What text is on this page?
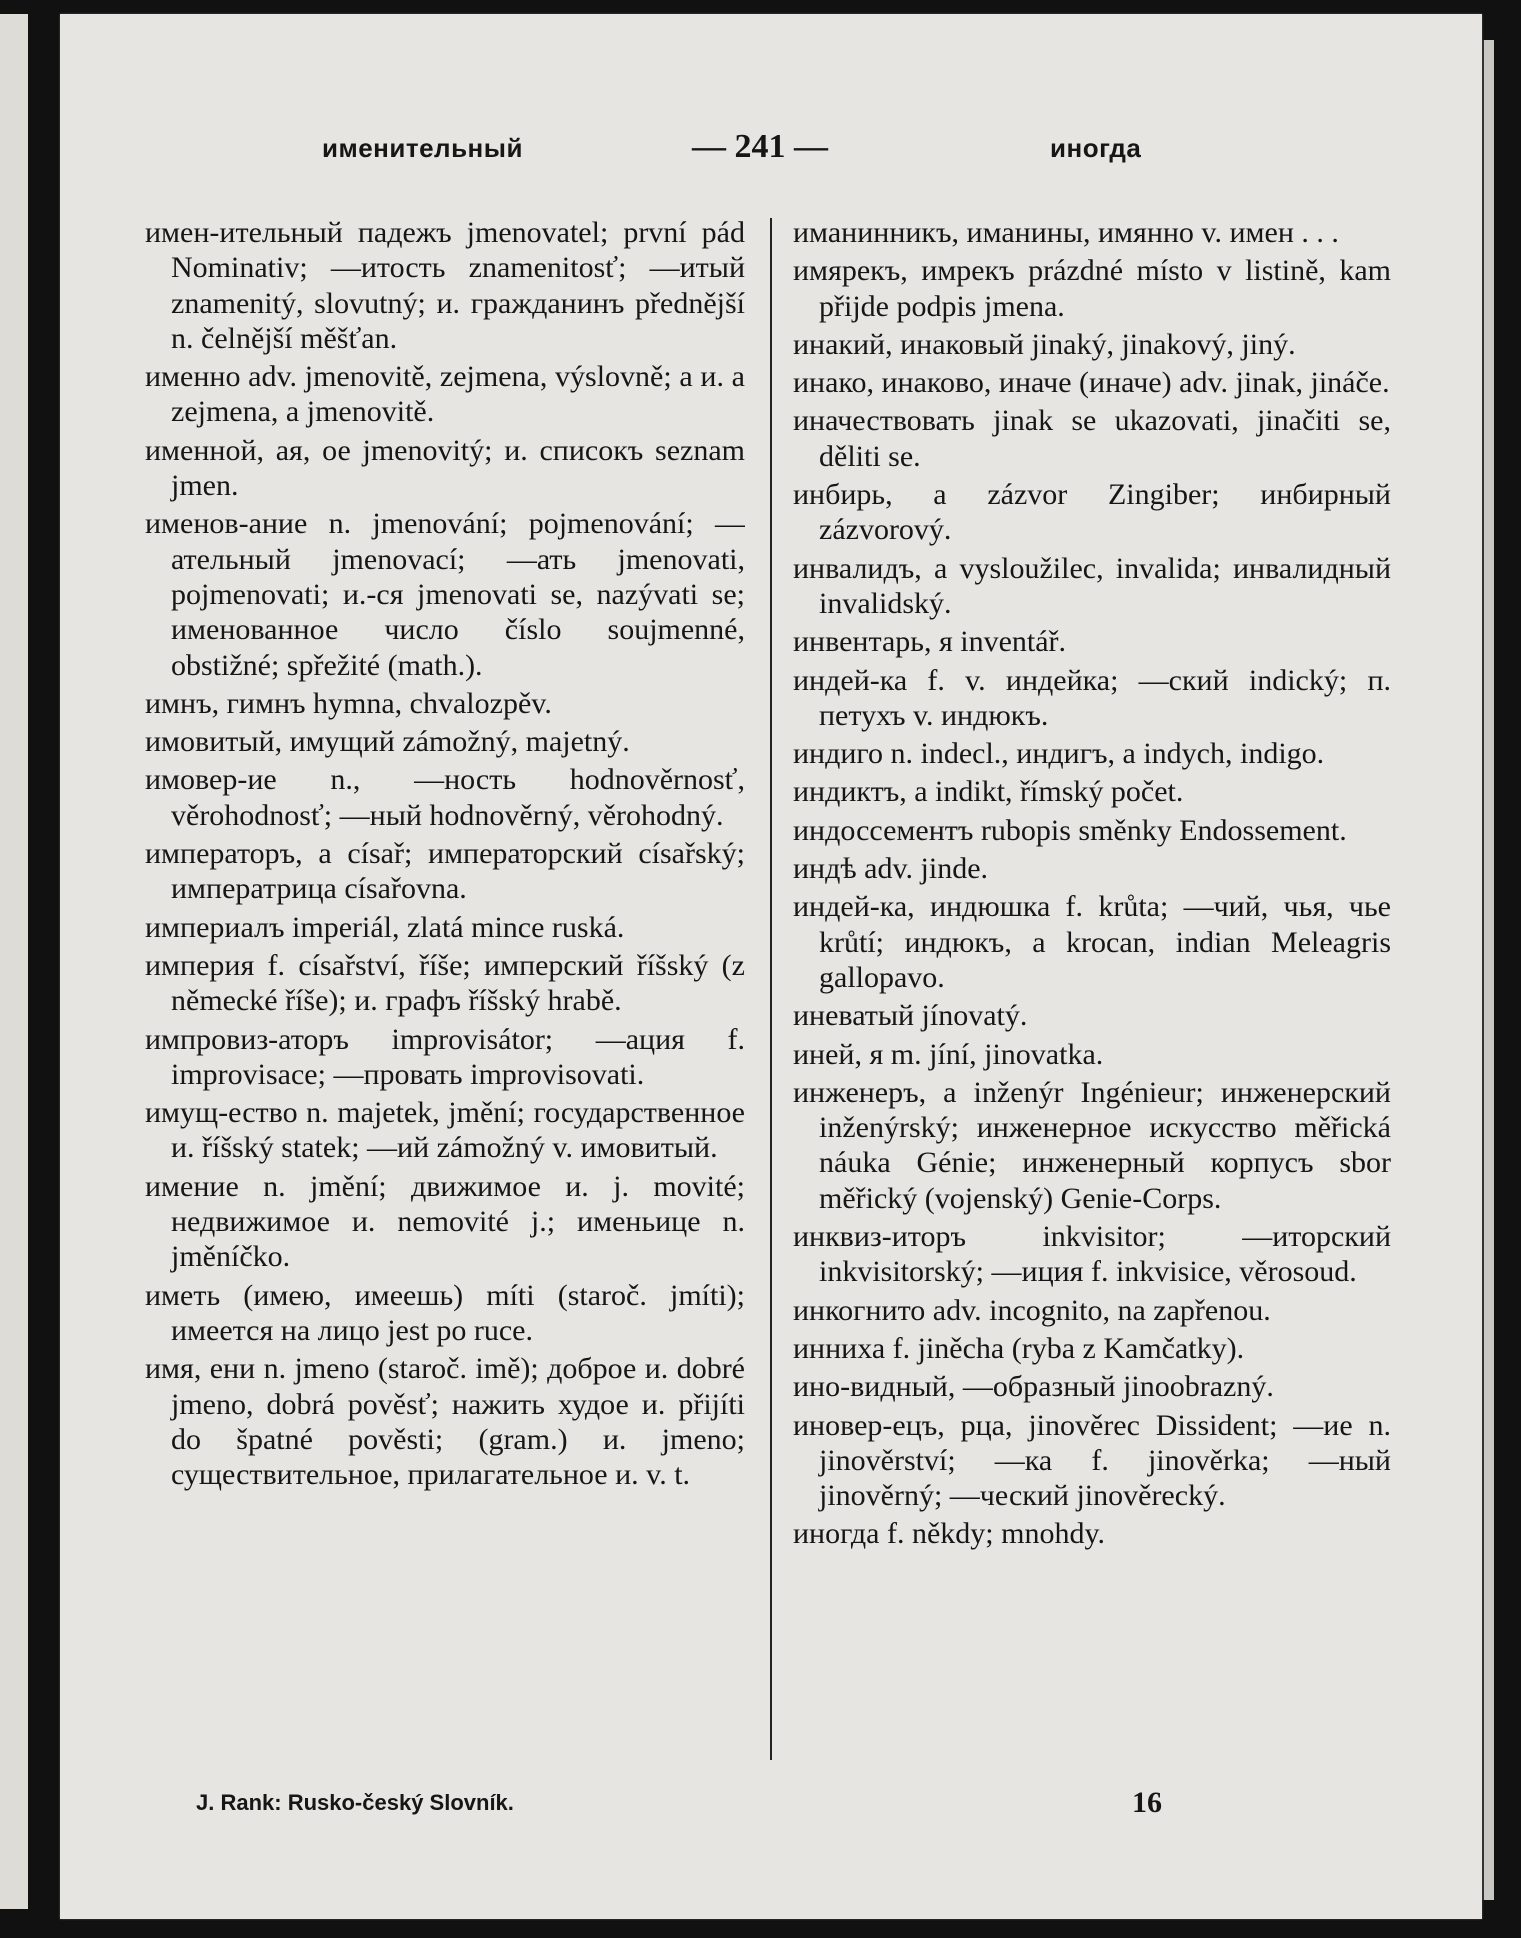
именительный	— 241 —	иногда

имен-ительный падежъ jmenovatel; první pád Nominativ; —итость znamenitosť; —итый znamenitý, slovutný; и. гражданинъ přednější n. čelnější měšťan.

именно adv. jmenovitě, zejmena, výslovně; а и. a zejmena, a jmenovitě.

именной, ая, ое jmenovitý; и. списокъ seznam jmen.

именов-ание n. jmenování; pojmenování; —ательный jmenovací; —ать jmenovati, pojmenovati; и.-ся jmenovati se, nazývati se; именованное число číslo soujmenné, obstižné; spřežité (math.).

имнъ, гимнъ hymna, chvalozpěv.

имовитый, имущий zámožný, majetný.

имовер-ие n., —ность hodnověrnosť, věrohodnosť; —ный hodnověrný, věrohodný.

императоръ, a císař; императорский císařský; императрица císařovna.

империалъ imperiál, zlatá mince ruská.

империя f. císařství, říše; имперский říšský (z německé říše); и. графъ říšský hrabě.

импровиз-аторъ improvisátor; —ация f. improvisace; —провать improvisovati.

имущ-ество n. majetek, jmění; государственное и. říšský statek; —ий zámožný v. имовитый.

имение n. jmění; движимое и. j. movité; недвижимое и. nemovité j.; именьице n. jměníčko.

иметь (имею, имеешь) míti (staroč. jmíti); имеется на лицо jest po ruce.

имя, ени n. jmeno (staroč. imě); доброе и. dobré jmeno, dobrá pověsť; нажить худое и. přijíti do špatné pověsti; (gram.) и. jmeno; существительное, прилагательное и. v. t.

иманинникъ, иманины, имянно v. имен . . .

имярекъ, имрекъ prázdné místo v listině, kam přijde podpis jmena.

инакий, инаковый jinaký, jinakový, jiný.

инако, инаково, иначе (иначе) adv. jinak, jináče.

иначествовать jinak se ukazovati, jinačiti se, děliti se.

инбирь, а zázvor Zingiber; инбирный zázvorový.

инвалидъ, а vysloužilec, invalida; инвалидный invalidský.

инвентарь, я inventář.

индей-ка f. v. индейка; —ский indický; п. петухъ v. индюкъ.

индиго n. indecl., индигъ, а indych, indigo.

индиктъ, а indikt, římský počet.

индоссементъ rubopis směnky Endossement.

индѣ adv. jinde.

индей-ка, индюшка f. krůta; —чий, чья, чье krůtí; индюкъ, а krocan, indian Meleagris gallopavo.

иневатый jínovatý.

иней, я m. jíní, jinovatka.

инженеръ, а inženýr Ingénieur; инженерский inženýrský; инженерное искусство měřická náuka Génie; инженерный корпусъ sbor měřický (vojenský) Genie-Corps.

инквиз-иторъ inkvisitor; —иторский inkvisitorský; —иция f. inkvisice, věrosoud.

инкогнито adv. incognito, na zapřenou.

инниха f. jiněcha (ryba z Kamčatky).

ино-видный, —образный jinoobrazný.

иновер-ецъ, рца, jinověrec Dissident; —ие n. jinověrství; —ка f. jinověrka; —ный jinověrný; —ческий jinověrecký.

иногда f. někdy; mnohdy.

J. Rank: Rusko-český Slovník.	16
